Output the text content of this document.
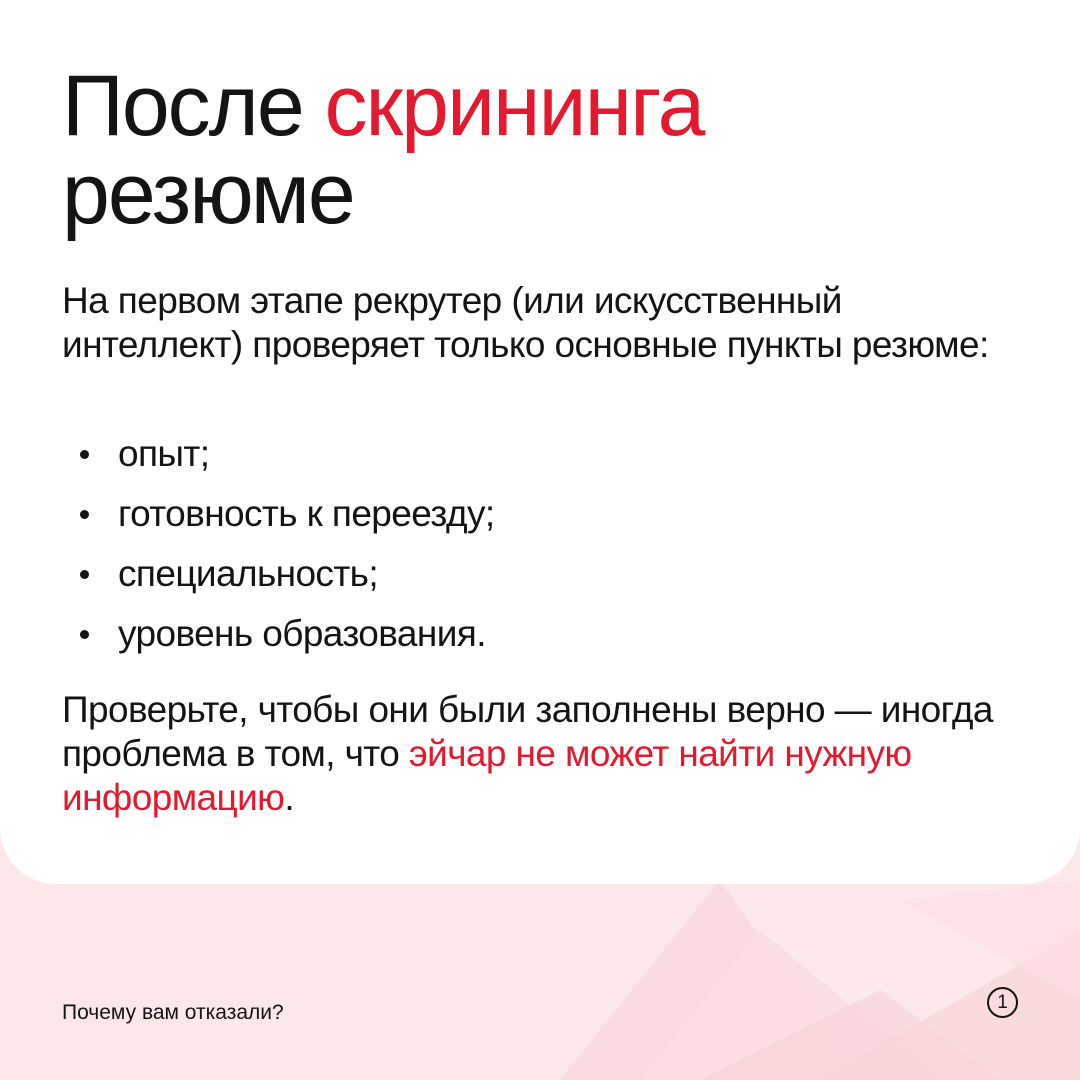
После скрининга
резюме

На первом этапе рекрутер (или искусственный интеллект) проверяет только основные пункты резюме:

опыт;
готовность к переезду;
специальность;
уровень образования.

Проверьте, чтобы они были заполнены верно — иногда проблема в том, что эйчар не может найти нужную информацию.

Почему вам отказали?	1
